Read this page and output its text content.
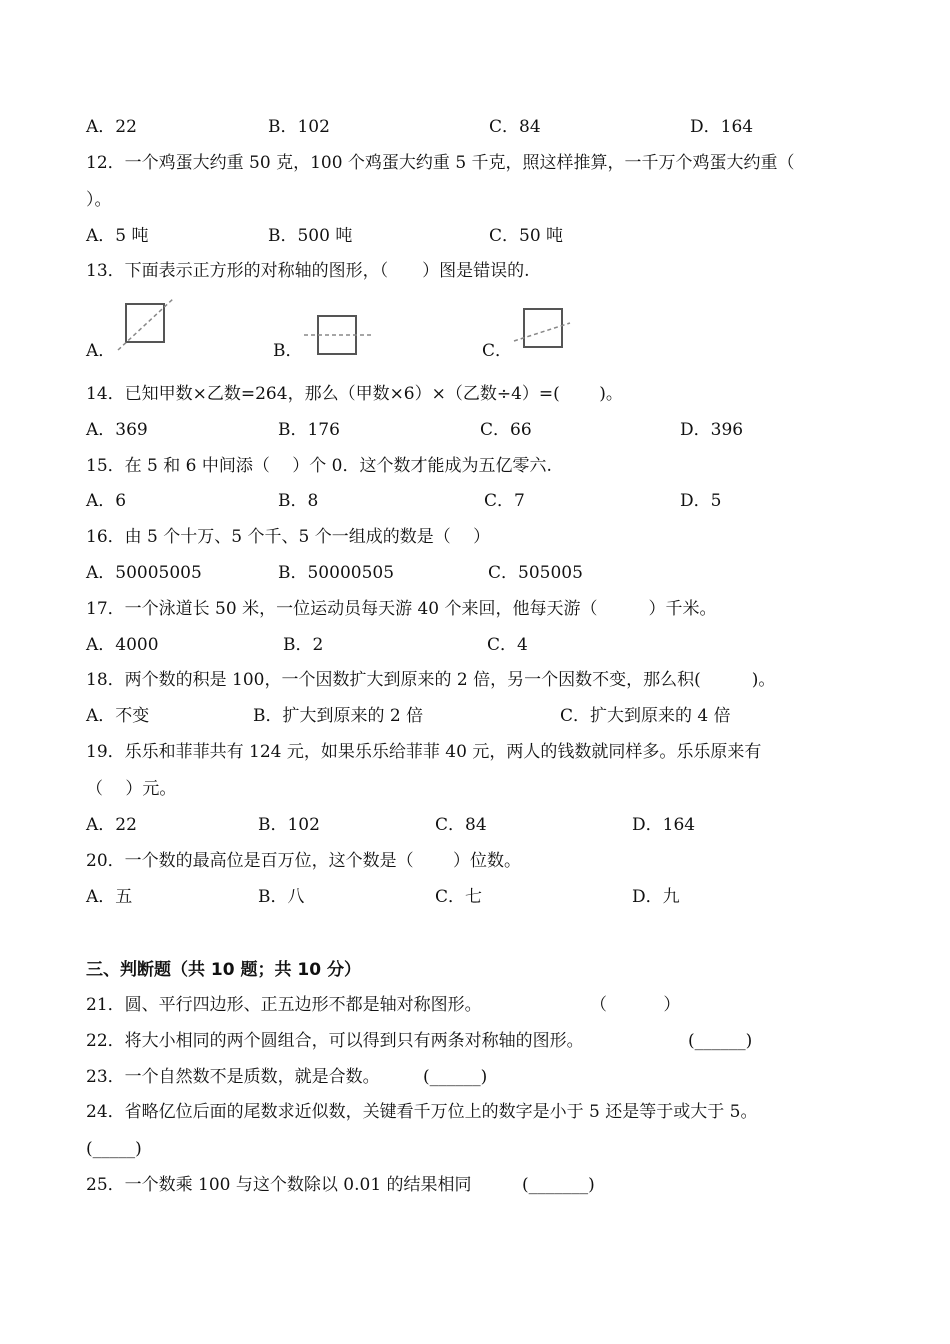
A．22	B．102	C．84	D．164
12．一个鸡蛋大约重 50 克，100 个鸡蛋大约重 5 千克，照这样推算，一千万个鸡蛋大约重（
）。
A．5 吨	B．500 吨	C．50 吨
13．下面表示正方形的对称轴的图形，（　　）图是错误的.
A．	B．	C．
14．已知甲数×乙数=264，那么（甲数×6）×（乙数÷4）=(　　 )。
A．369	B．176	C．66	D．396
15．在 5 和 6 中间添（　 ）个 0．这个数才能成为五亿零六.
A．6	B．8	C．7	D．5
16．由 5 个十万、5 个千、5 个一组成的数是（　 ）
A．50005005	B．50000505	C．505005
17．一个泳道长 50 米，一位运动员每天游 40 个来回，他每天游（　　　）千米。
A．4000	B．2	C．4
18．两个数的积是 100，一个因数扩大到原来的 2 倍，另一个因数不变，那么积(　　　)。
A．不变	B．扩大到原来的 2 倍	C．扩大到原来的 4 倍
19．乐乐和菲菲共有 124 元，如果乐乐给菲菲 40 元，两人的钱数就同样多。乐乐原来有
（　 ）元。
A．22	B．102	C．84	D．164
20．一个数的最高位是百万位，这个数是（　　 ）位数。
A．五	B．八	C．七	D．九
三、判断题（共 10 题；共 10 分）
21．圆、平行四边形、正五边形不都是轴对称图形。	（　　　 ）
22．将大小相同的两个圆组合，可以得到只有两条对称轴的图形。	(______)
23．一个自然数不是质数，就是合数。	(______)
24．省略亿位后面的尾数求近似数，关键看千万位上的数字是小于 5 还是等于或大于 5。
(_____)
25．一个数乘 100 与这个数除以 0.01 的结果相同	(_______)
